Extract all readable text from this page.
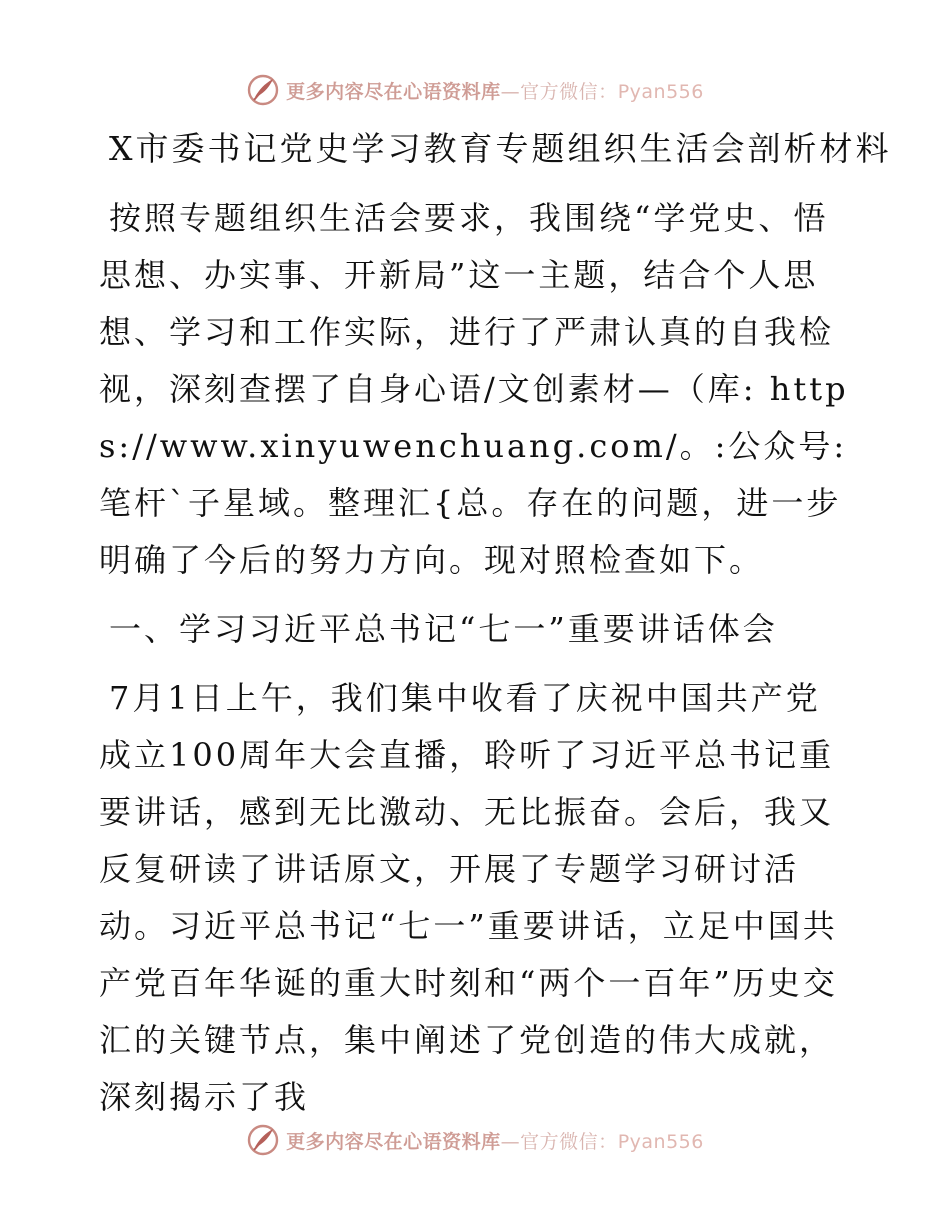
更多内容尽在心语资料库—官方微信：Pyan556
X市委书记党史学习教育专题组织生活会剖析材料

按照专题组织生活会要求，我围绕“学党史、悟思想、办实事、开新局”这一主题，结合个人思想、学习和工作实际，进行了严肃认真的自我检视，深刻查摆了自身心语/文创素材—（库: https://www.xinyuwenchuang.com/。:公众号: 笔杆`子星域。整理汇{总。存在的问题，进一步明确了今后的努力方向。现对照检查如下。

一、学习习近平总书记“七一”重要讲话体会

7月1日上午，我们集中收看了庆祝中国共产党成立100周年大会直播，聆听了习近平总书记重要讲话，感到无比激动、无比振奋。会后，我又反复研读了讲话原文，开展了专题学习研讨活动。习近平总书记“七一”重要讲话，立足中国共产党百年华诞的重大时刻和“两个一百年”历史交汇的关键节点，集中阐述了党创造的伟大成就，深刻揭示了我

更多内容尽在心语资料库—官方微信：Pyan556
